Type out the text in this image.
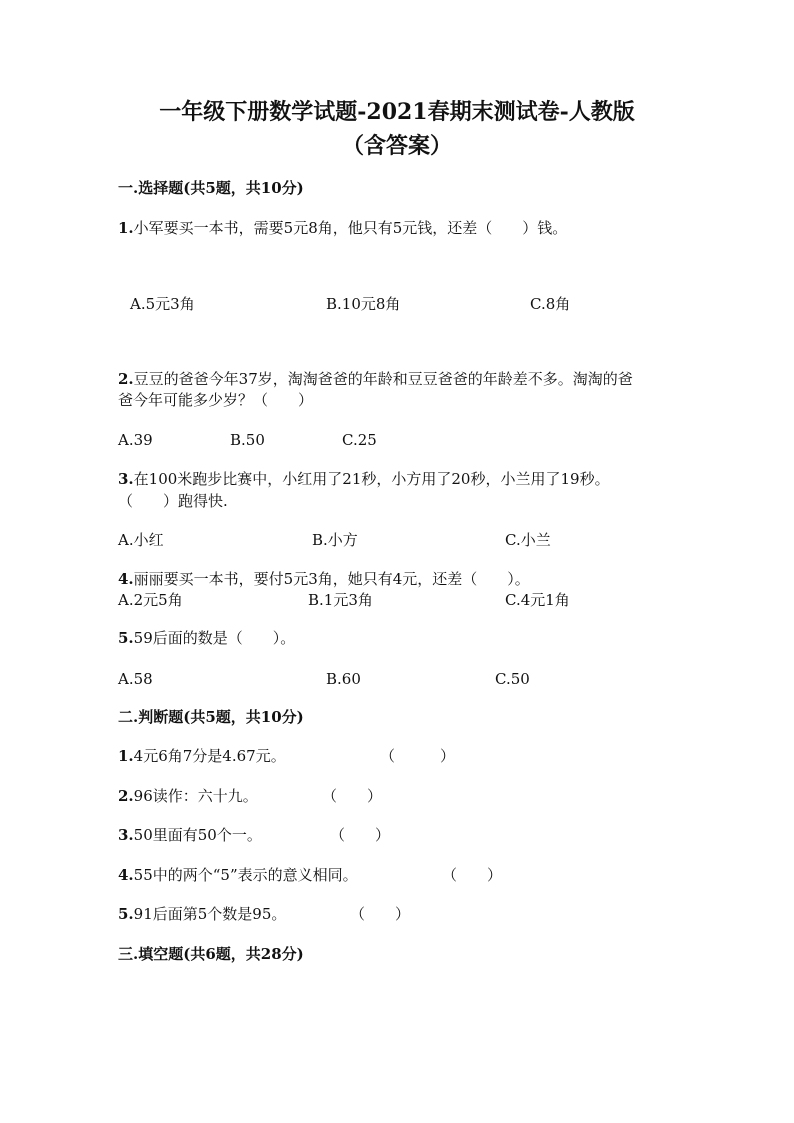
一年级下册数学试题-2021春期末测试卷-人教版
（含答案）
一.选择题(共5题，共10分)
1.小军要买一本书，需要5元8角，他只有5元钱，还差（　　）钱。
A.5元3角	B.10元8角	C.8角
2.豆豆的爸爸今年37岁，淘淘爸爸的年龄和豆豆爸爸的年龄差不多。淘淘的爸
爸今年可能多少岁？（　　）
A.39	B.50	C.25
3.在100米跑步比赛中，小红用了21秒，小方用了20秒，小兰用了19秒。
（　　）跑得快.
A.小红	B.小方	C.小兰
4.丽丽要买一本书，要付5元3角，她只有4元，还差（　　）。
A.2元5角	B.1元3角	C.4元1角
5.59后面的数是（　　）。
A.58	B.60	C.50
二.判断题(共5题，共10分)
1.4元6角7分是4.67元。	（　　　）
2.96读作：六十九。	（　　）
3.50里面有50个一。	（　　）
4.55中的两个“5”表示的意义相同。	（　　）
5.91后面第5个数是95。	（　　）
三.填空题(共6题，共28分)
